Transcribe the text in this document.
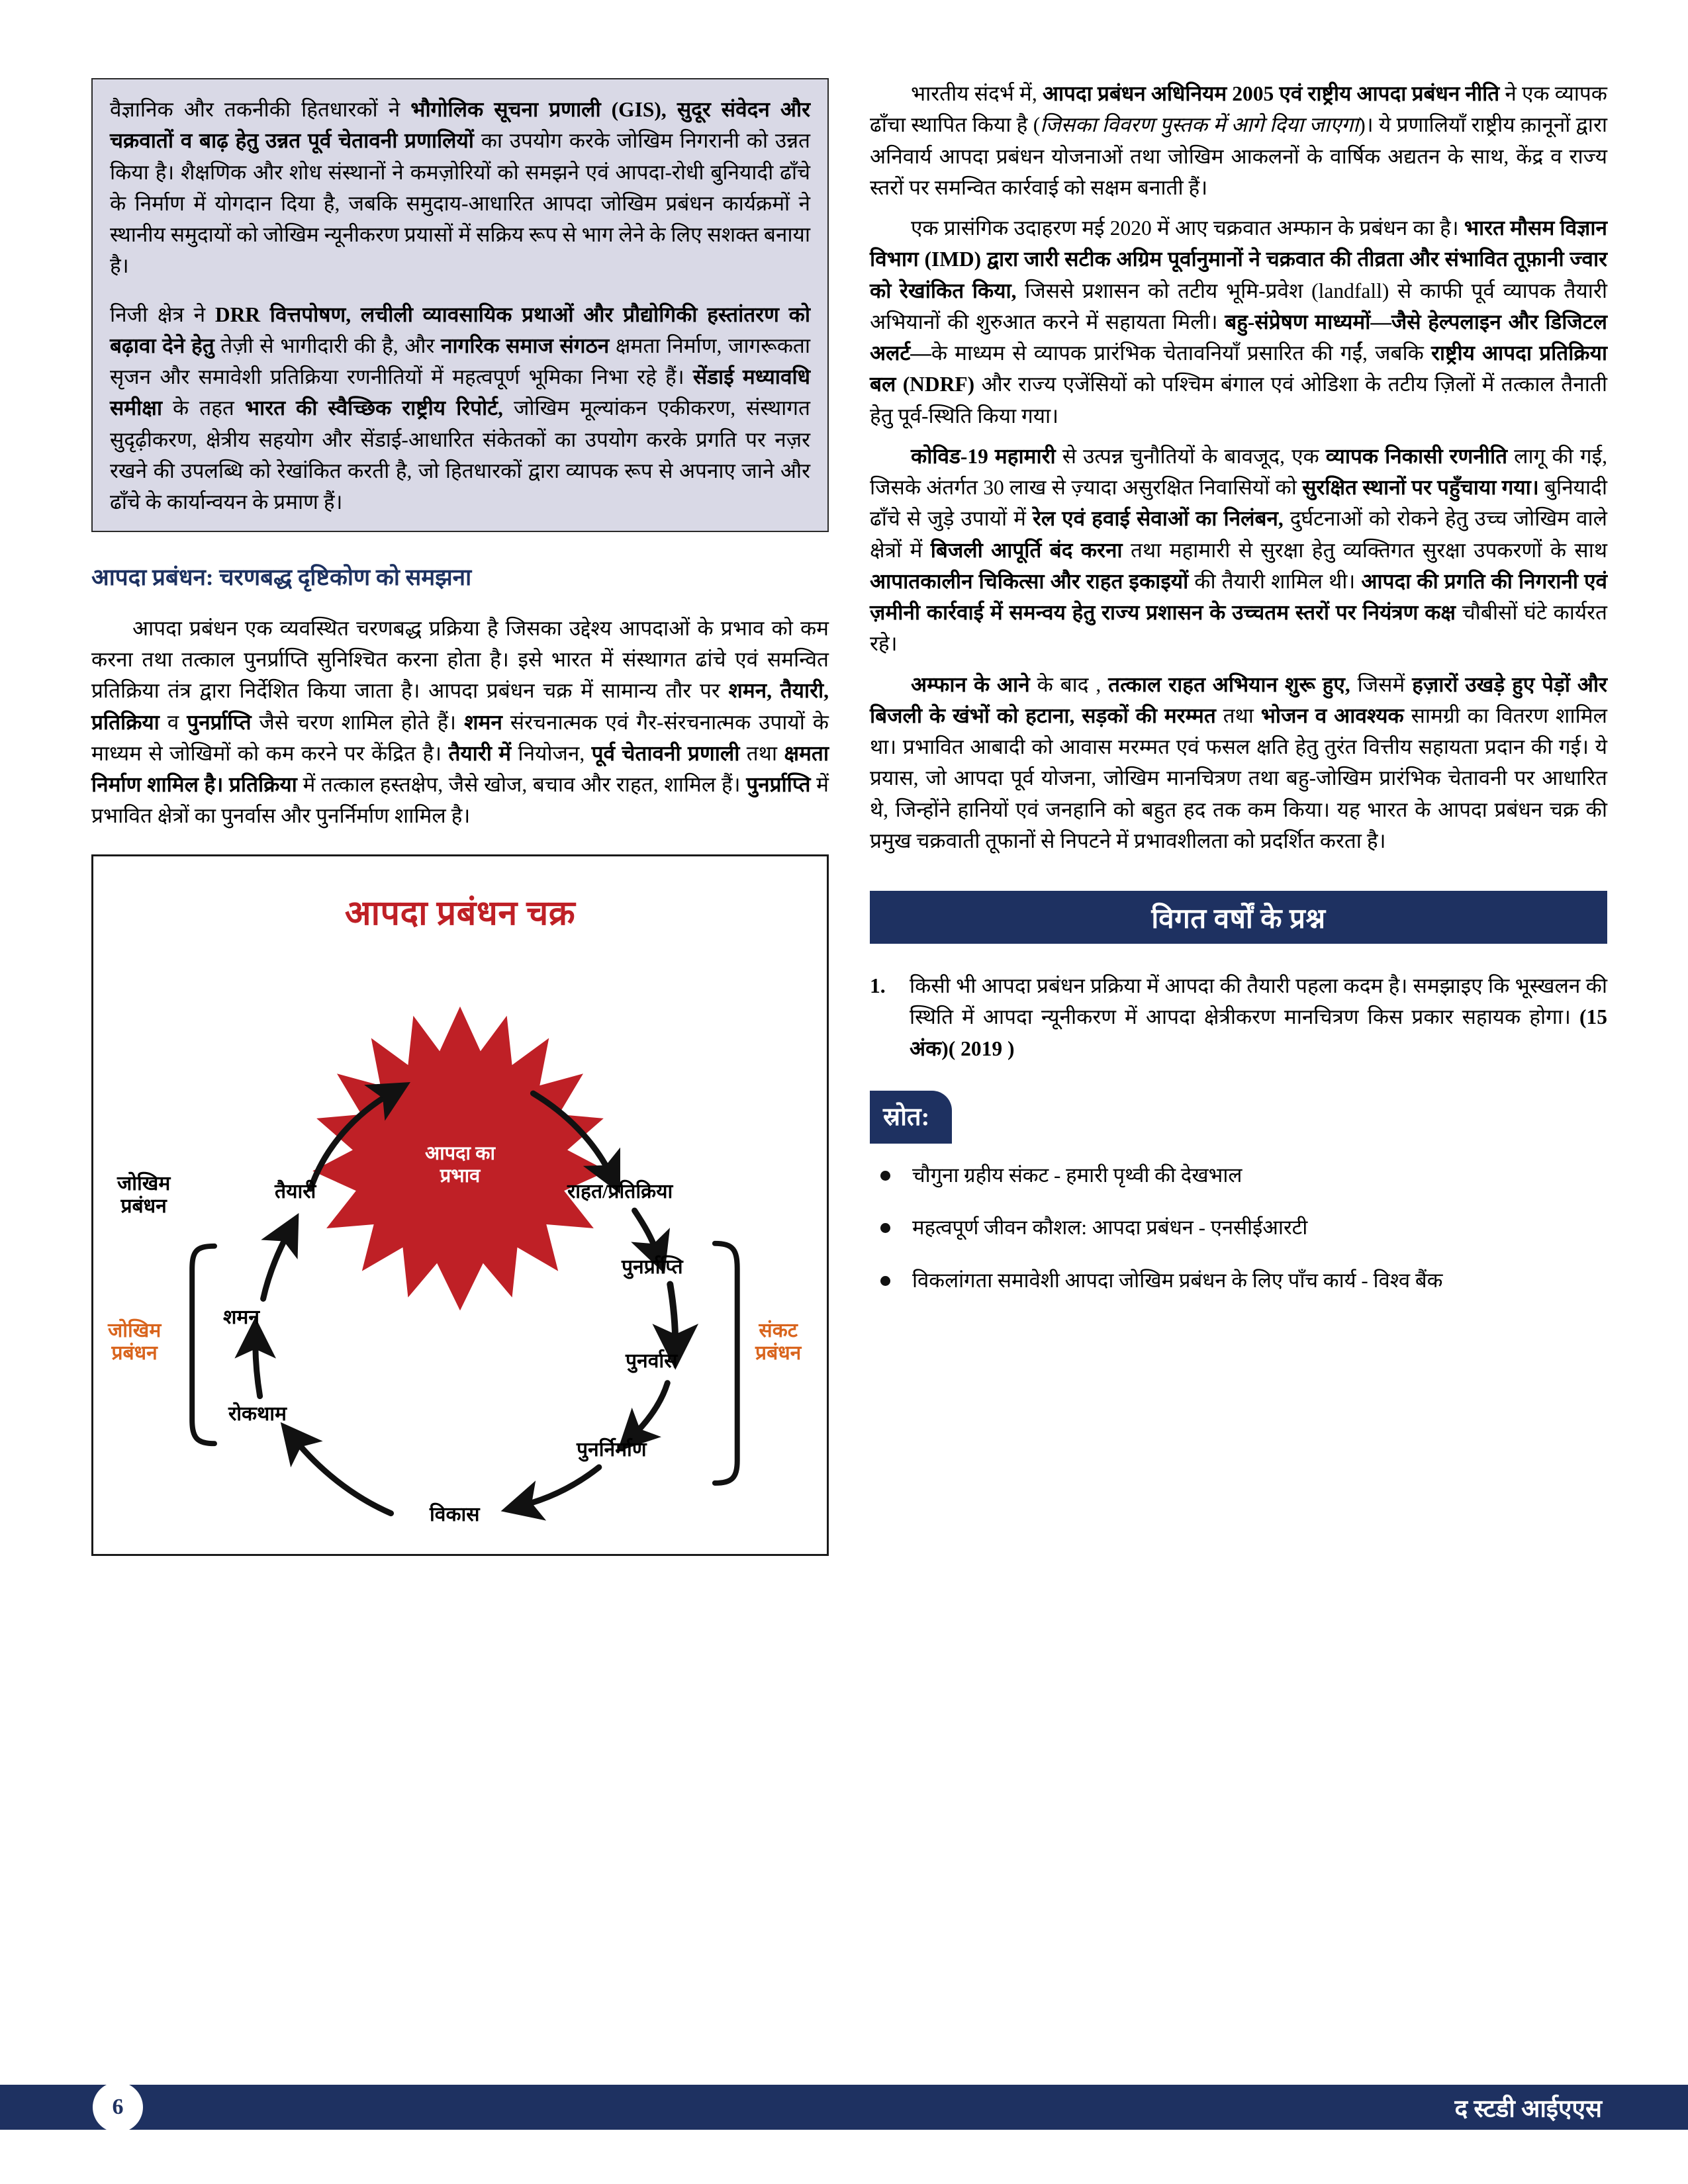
वैज्ञानिक और तकनीकी हितधारकों ने भौगोलिक सूचना प्रणाली (GIS), सुदूर संवेदन और चक्रवातों व बाढ़ हेतु उन्नत पूर्व चेतावनी प्रणालियों का उपयोग करके जोखिम निगरानी को उन्नत किया है। शैक्षणिक और शोध संस्थानों ने कमज़ोरियों को समझने एवं आपदा-रोधी बुनियादी ढाँचे के निर्माण में योगदान दिया है, जबकि समुदाय-आधारित आपदा जोखिम प्रबंधन कार्यक्रमों ने स्थानीय समुदायों को जोखिम न्यूनीकरण प्रयासों में सक्रिय रूप से भाग लेने के लिए सशक्त बनाया है।

निजी क्षेत्र ने DRR वित्तपोषण, लचीली व्यावसायिक प्रथाओं और प्रौद्योगिकी हस्तांतरण को बढ़ावा देने हेतु तेज़ी से भागीदारी की है, और नागरिक समाज संगठन क्षमता निर्माण, जागरूकता सृजन और समावेशी प्रतिक्रिया रणनीतियों में महत्वपूर्ण भूमिका निभा रहे हैं। सेंडाई मध्यावधि समीक्षा के तहत भारत की स्वैच्छिक राष्ट्रीय रिपोर्ट, जोखिम मूल्यांकन एकीकरण, संस्थागत सुदृढ़ीकरण, क्षेत्रीय सहयोग और सेंडाई-आधारित संकेतकों का उपयोग करके प्रगति पर नज़र रखने की उपलब्धि को रेखांकित करती है, जो हितधारकों द्वारा व्यापक रूप से अपनाए जाने और ढाँचे के कार्यान्वयन के प्रमाण हैं।

आपदा प्रबंधन: चरणबद्ध दृष्टिकोण को समझना

आपदा प्रबंधन एक व्यवस्थित चरणबद्ध प्रक्रिया है जिसका उद्देश्य आपदाओं के प्रभाव को कम करना तथा तत्काल पुनर्प्राप्ति सुनिश्चित करना होता है। इसे भारत में संस्थागत ढांचे एवं समन्वित प्रतिक्रिया तंत्र द्वारा निर्देशित किया जाता है। आपदा प्रबंधन चक्र में सामान्य तौर पर शमन, तैयारी, प्रतिक्रिया व पुनर्प्राप्ति जैसे चरण शामिल होते हैं। शमन संरचनात्मक एवं गैर-संरचनात्मक उपायों के माध्यम से जोखिमों को कम करने पर केंद्रित है। तैयारी में नियोजन, पूर्व चेतावनी प्रणाली तथा क्षमता निर्माण शामिल है। प्रतिक्रिया में तत्काल हस्तक्षेप, जैसे खोज, बचाव और राहत, शामिल हैं। पुनर्प्राप्ति में प्रभावित क्षेत्रों का पुनर्वास और पुनर्निर्माण शामिल है।

आपदा प्रबंधन चक्र
आपदा का
प्रभाव
तैयारी	राहत/प्रतिक्रिया
पुनर्प्राप्ति
पुनर्वास
पुनर्निर्माण
विकास
रोकथाम
शमन
जोखिम
प्रबंधन
जोखिम
प्रबंधन
संकट
प्रबंधन

भारतीय संदर्भ में, आपदा प्रबंधन अधिनियम 2005 एवं राष्ट्रीय आपदा प्रबंधन नीति ने एक व्यापक ढाँचा स्थापित किया है (जिसका विवरण पुस्तक में आगे दिया जाएगा)। ये प्रणालियाँ राष्ट्रीय क़ानूनों द्वारा अनिवार्य आपदा प्रबंधन योजनाओं तथा जोखिम आकलनों के वार्षिक अद्यतन के साथ, केंद्र व राज्य स्तरों पर समन्वित कार्रवाई को सक्षम बनाती हैं।

एक प्रासंगिक उदाहरण मई 2020 में आए चक्रवात अम्फान के प्रबंधन का है। भारत मौसम विज्ञान विभाग (IMD) द्वारा जारी सटीक अग्रिम पूर्वानुमानों ने चक्रवात की तीव्रता और संभावित तूफ़ानी ज्वार को रेखांकित किया, जिससे प्रशासन को तटीय भूमि-प्रवेश (landfall) से काफी पूर्व व्यापक तैयारी अभियानों की शुरुआत करने में सहायता मिली। बहु-संप्रेषण माध्यमों—जैसे हेल्पलाइन और डिजिटल अलर्ट—के माध्यम से व्यापक प्रारंभिक चेतावनियाँ प्रसारित की गईं, जबकि राष्ट्रीय आपदा प्रतिक्रिया बल (NDRF) और राज्य एजेंसियों को पश्चिम बंगाल एवं ओडिशा के तटीय ज़िलों में तत्काल तैनाती हेतु पूर्व-स्थिति किया गया।

कोविड-19 महामारी से उत्पन्न चुनौतियों के बावजूद, एक व्यापक निकासी रणनीति लागू की गई, जिसके अंतर्गत 30 लाख से ज़्यादा असुरक्षित निवासियों को सुरक्षित स्थानों पर पहुँचाया गया। बुनियादी ढाँचे से जुड़े उपायों में रेल एवं हवाई सेवाओं का निलंबन, दुर्घटनाओं को रोकने हेतु उच्च जोखिम वाले क्षेत्रों में बिजली आपूर्ति बंद करना तथा महामारी से सुरक्षा हेतु व्यक्तिगत सुरक्षा उपकरणों के साथ आपातकालीन चिकित्सा और राहत इकाइयों की तैयारी शामिल थी। आपदा की प्रगति की निगरानी एवं ज़मीनी कार्रवाई में समन्वय हेतु राज्य प्रशासन के उच्चतम स्तरों पर नियंत्रण कक्ष चौबीसों घंटे कार्यरत रहे।

अम्फान के आने के बाद , तत्काल राहत अभियान शुरू हुए, जिसमें हज़ारों उखड़े हुए पेड़ों और बिजली के खंभों को हटाना, सड़कों की मरम्मत तथा भोजन व आवश्यक सामग्री का वितरण शामिल था। प्रभावित आबादी को आवास मरम्मत एवं फसल क्षति हेतु तुरंत वित्तीय सहायता प्रदान की गई। ये प्रयास, जो आपदा पूर्व योजना, जोखिम मानचित्रण तथा बहु-जोखिम प्रारंभिक चेतावनी पर आधारित थे, जिन्होंने हानियों एवं जनहानि को बहुत हद तक कम किया। यह भारत के आपदा प्रबंधन चक्र की प्रमुख चक्रवाती तूफानों से निपटने में प्रभावशीलता को प्रदर्शित करता है।

विगत वर्षों के प्रश्न
1.	किसी भी आपदा प्रबंधन प्रक्रिया में आपदा की तैयारी पहला कदम है। समझाइए कि भूस्खलन की स्थिति में आपदा न्यूनीकरण में आपदा क्षेत्रीकरण मानचित्रण किस प्रकार सहायक होगा। (15 अंक)( 2019 )
स्रोत:
चौगुना ग्रहीय संकट - हमारी पृथ्वी की देखभाल
महत्वपूर्ण जीवन कौशल: आपदा प्रबंधन - एनसीईआरटी
विकलांगता समावेशी आपदा जोखिम प्रबंधन के लिए पाँच कार्य - विश्व बैंक
6	द स्टडी आईएएस
